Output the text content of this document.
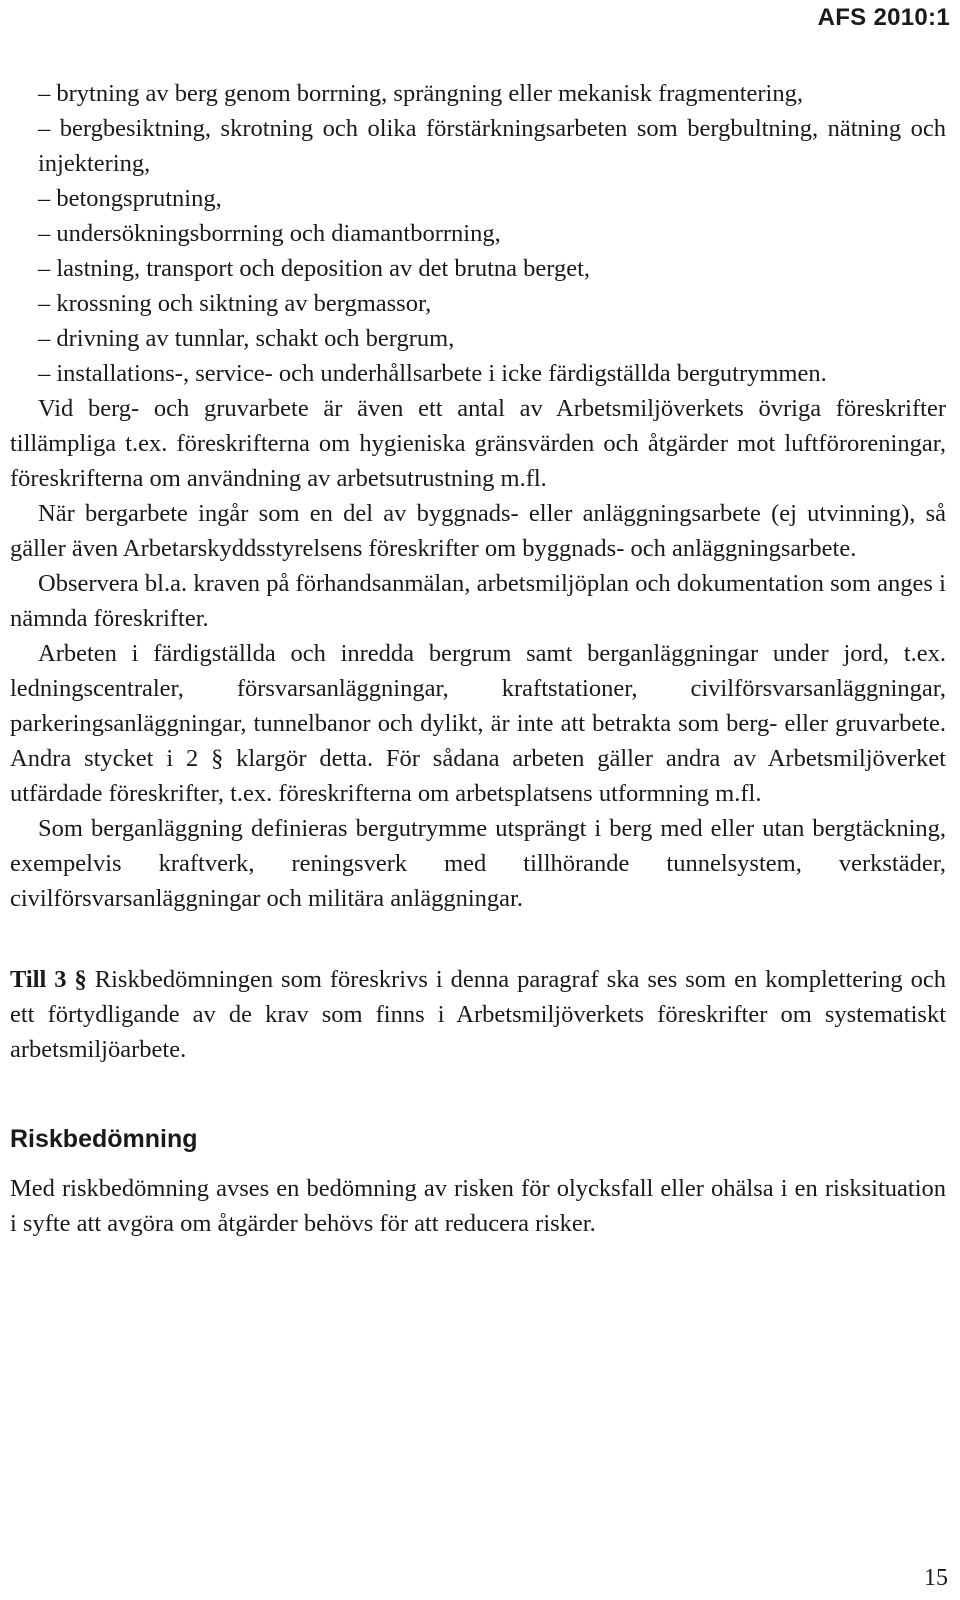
AFS 2010:1

– brytning av berg genom borrning, sprängning eller mekanisk fragmentering,
– bergbesiktning, skrotning och olika förstärkningsarbeten som bergbultning, nätning och injektering,
– betongsprutning,
– undersökningsborrning och diamantborrning,
– lastning, transport och deposition av det brutna berget,
– krossning och siktning av bergmassor,
– drivning av tunnlar, schakt och bergrum,
– installations-, service- och underhållsarbete i icke färdigställda bergutrymmen.

Vid berg- och gruvarbete är även ett antal av Arbetsmiljöverkets övriga föreskrifter tillämpliga t.ex. föreskrifterna om hygieniska gränsvärden och åtgärder mot luftföroreningar, föreskrifterna om användning av arbetsutrustning m.fl.

När bergarbete ingår som en del av byggnads- eller anläggningsarbete (ej utvinning), så gäller även Arbetarskyddsstyrelsens föreskrifter om byggnads- och anläggningsarbete.

Observera bl.a. kraven på förhandsanmälan, arbetsmiljöplan och dokumentation som anges i nämnda föreskrifter.

Arbeten i färdigställda och inredda bergrum samt berganläggningar under jord, t.ex. ledningscentraler, försvarsanläggningar, kraftstationer, civilförsvarsanläggningar, parkeringsanläggningar, tunnelbanor och dylikt, är inte att betrakta som berg- eller gruvarbete. Andra stycket i 2 § klargör detta. För sådana arbeten gäller andra av Arbetsmiljöverket utfärdade föreskrifter, t.ex. föreskrifterna om arbetsplatsens utformning m.fl.

Som berganläggning definieras bergutrymme utsprängt i berg med eller utan bergtäckning, exempelvis kraftverk, reningsverk med tillhörande tunnelsystem, verkstäder, civilförsvarsanläggningar och militära anläggningar.

Till 3 § Riskbedömningen som föreskrivs i denna paragraf ska ses som en komplettering och ett förtydligande av de krav som finns i Arbetsmiljöverkets föreskrifter om systematiskt arbetsmiljöarbete.

Riskbedömning

Med riskbedömning avses en bedömning av risken för olycksfall eller ohälsa i en risksituation i syfte att avgöra om åtgärder behövs för att reducera risker.

15
